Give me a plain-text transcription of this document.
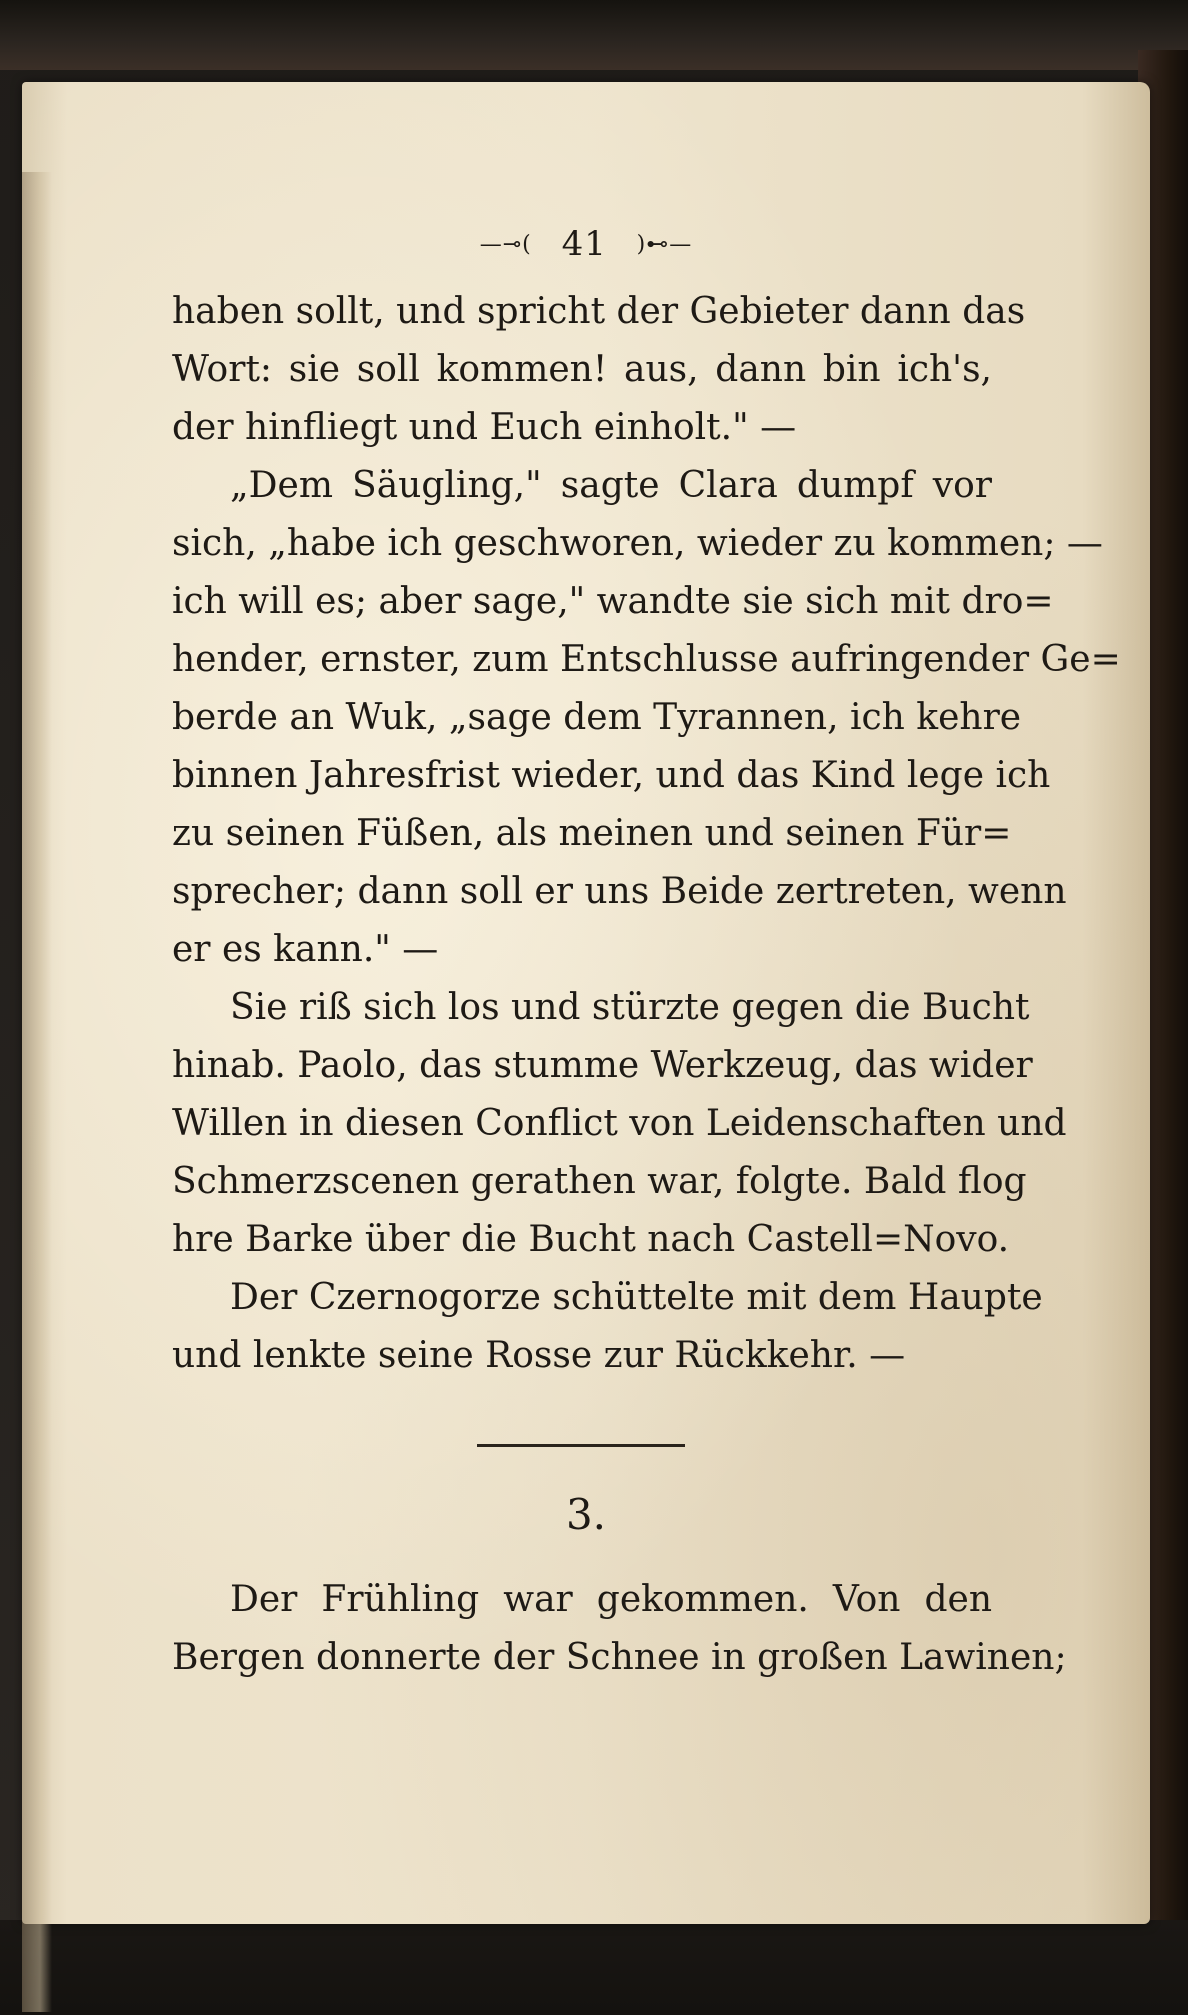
—⊸( 41 )⊷—
haben sollt, und spricht der Gebieter dann das
Wort: sie soll kommen! aus, dann bin ich's,
der hinfliegt und Euch einholt." —
„Dem Säugling," sagte Clara dumpf vor
sich, „habe ich geschworen, wieder zu kommen; —
ich will es; aber sage," wandte sie sich mit dro=
hender, ernster, zum Entschlusse aufringender Ge=
berde an Wuk, „sage dem Tyrannen, ich kehre
binnen Jahresfrist wieder, und das Kind lege ich
zu seinen Füßen, als meinen und seinen Für=
sprecher; dann soll er uns Beide zertreten, wenn
er es kann." —
Sie riß sich los und stürzte gegen die Bucht
hinab. Paolo, das stumme Werkzeug, das wider
Willen in diesen Conflict von Leidenschaften und
Schmerzscenen gerathen war, folgte. Bald flog
hre Barke über die Bucht nach Castell=Novo.
Der Czernogorze schüttelte mit dem Haupte
und lenkte seine Rosse zur Rückkehr. —
3.
Der Frühling war gekommen. Von den
Bergen donnerte der Schnee in großen Lawinen;
